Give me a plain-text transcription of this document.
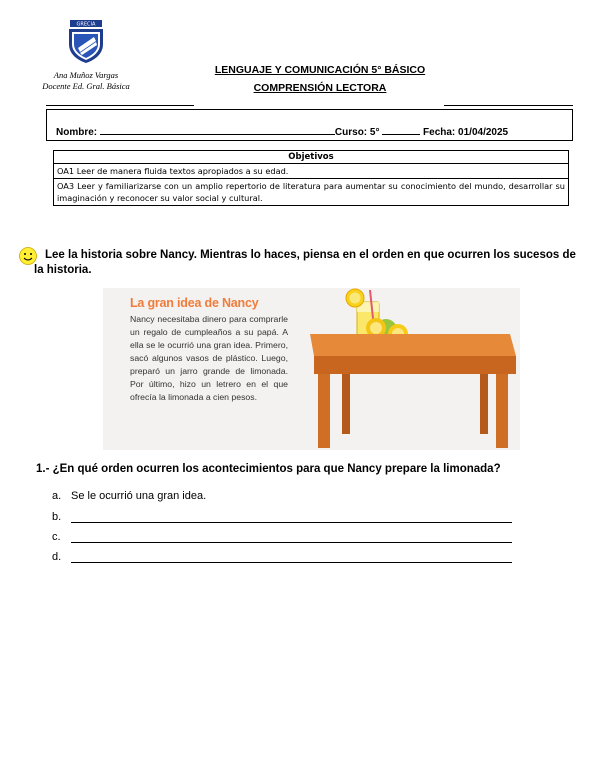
GRECIA
Ana Muñoz Vargas
Docente Ed. Gral. Básica
LENGUAJE Y COMUNICACIÓN 5° BÁSICO
COMPRENSIÓN LECTORA
Nombre:	Curso: 5°	Fecha: 01/04/2025
Objetivos
OA1 Leer de manera fluida textos apropiados a su edad.
OA3 Leer y familiarizarse con un amplio repertorio de literatura para aumentar su conocimiento del mundo, desarrollar su imaginación y reconocer su valor social y cultural.
Lee la historia sobre Nancy. Mientras lo haces, piensa en el orden en que ocurren los sucesos de la historia.
La gran idea de Nancy
Nancy necesitaba dinero para comprarle un regalo de cumpleaños a su papá. A ella se le ocurrió una gran idea. Primero, sacó algunos vasos de plástico. Luego, preparó un jarro grande de limonada. Por último, hizo un letrero en el que ofrecía la limonada a cien pesos.
1.- ¿En qué orden ocurren los acontecimientos para que Nancy prepare la limonada?
a. Se le ocurrió una gran idea.
b.
c.
d.
